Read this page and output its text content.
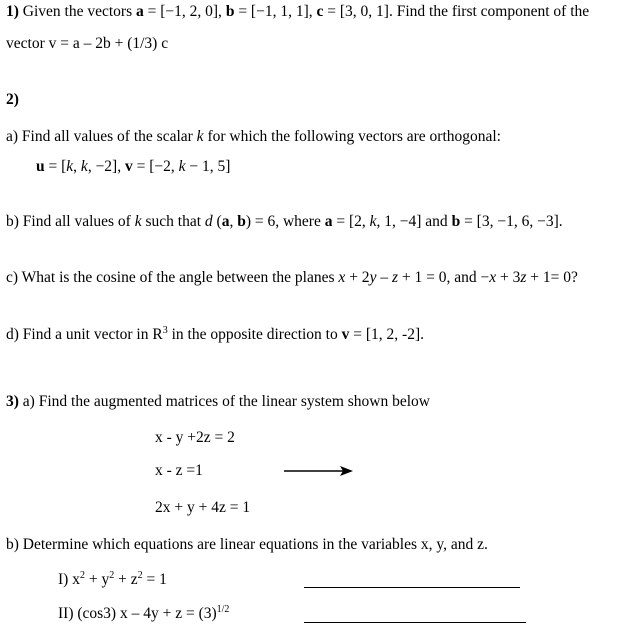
1) Given the vectors a = [−1, 2, 0], b = [−1, 1, 1], c = [3, 0, 1]. Find the first component of the
vector v = a – 2b + (1/3) c
2)
a) Find all values of the scalar k for which the following vectors are orthogonal:
u = [k, k, −2], v = [−2, k − 1, 5]
b) Find all values of k such that d (a, b) = 6, where a = [2, k, 1, −4] and b = [3, −1, 6, −3].
c) What is the cosine of the angle between the planes x + 2y – z + 1 = 0, and −x + 3z + 1= 0?
d) Find a unit vector in $R^3$ in the opposite direction to v = [1, 2, -2].
3) a) Find the augmented matrices of the linear system shown below
x - y +2z = 2
x - z =1
2x + y + 4z = 1
b) Determine which equations are linear equations in the variables x, y, and z.
I) $x^2 + y^2 + z^2 = 1$
II) (cos3) $x - 4y + z = (3)^{1/2}$
